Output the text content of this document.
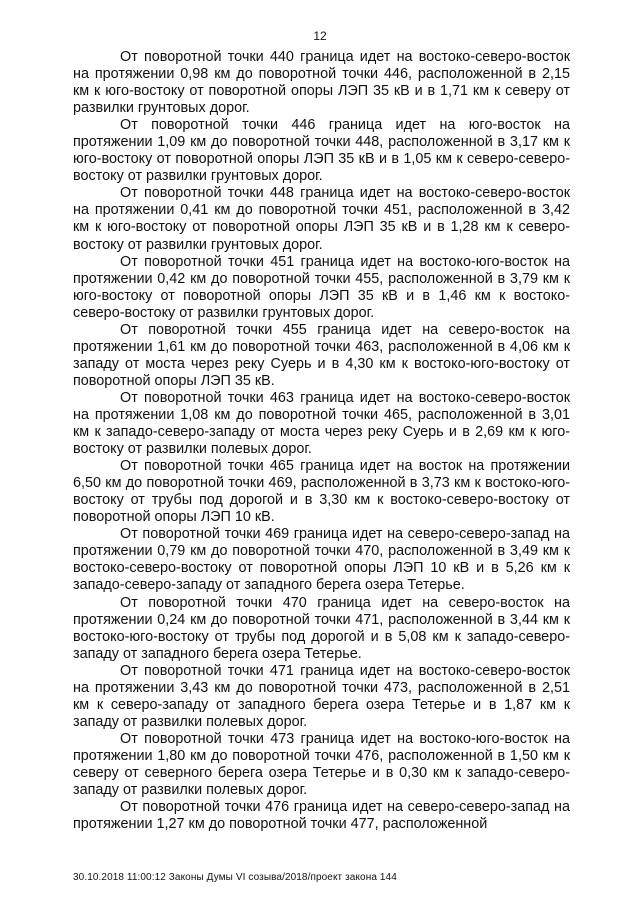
12

От поворотной точки 440 граница идет на востоко-северо-восток на протяжении 0,98 км до поворотной точки 446, расположенной в 2,15 км к юго-востоку от поворотной опоры ЛЭП 35 кВ и в 1,71 км к северу от развилки грунтовых дорог.

От поворотной точки 446 граница идет на юго-восток на протяжении 1,09 км до поворотной точки 448, расположенной в 3,17 км к юго-востоку от поворотной опоры ЛЭП 35 кВ и в 1,05 км к северо-северо-востоку от развилки грунтовых дорог.

От поворотной точки 448 граница идет на востоко-северо-восток на протяжении 0,41 км до поворотной точки 451, расположенной в 3,42 км к юго-востоку от поворотной опоры ЛЭП 35 кВ и в 1,28 км к северо-востоку от развилки грунтовых дорог.

От поворотной точки 451 граница идет на востоко-юго-восток на протяжении 0,42 км до поворотной точки 455, расположенной в 3,79 км к юго-востоку от поворотной опоры ЛЭП 35 кВ и в 1,46 км к востоко-северо-востоку от развилки грунтовых дорог.

От поворотной точки 455 граница идет на северо-восток на протяжении 1,61 км до поворотной точки 463, расположенной в 4,06 км к западу от моста через реку Суерь и в 4,30 км к востоко-юго-востоку от поворотной опоры ЛЭП 35 кВ.

От поворотной точки 463 граница идет на востоко-северо-восток на протяжении 1,08 км до поворотной точки 465, расположенной в 3,01 км к западо-северо-западу от моста через реку Суерь и в 2,69 км к юго-востоку от развилки полевых дорог.

От поворотной точки 465 граница идет на восток на протяжении 6,50 км до поворотной точки 469, расположенной в 3,73 км к востоко-юго-востоку от трубы под дорогой и в 3,30 км к востоко-северо-востоку от поворотной опоры ЛЭП 10 кВ.

От поворотной точки 469 граница идет на северо-северо-запад на протяжении 0,79 км до поворотной точки 470, расположенной в 3,49 км к востоко-северо-востоку от поворотной опоры ЛЭП 10 кВ и в 5,26 км к западо-северо-западу от западного берега озера Тетерье.

От поворотной точки 470 граница идет на северо-восток на протяжении 0,24 км до поворотной точки 471, расположенной в 3,44 км к востоко-юго-востоку от трубы под дорогой и в 5,08 км к западо-северо-западу от западного берега озера Тетерье.

От поворотной точки 471 граница идет на востоко-северо-восток на протяжении 3,43 км до поворотной точки 473, расположенной в 2,51 км к северо-западу от западного берега озера Тетерье и в 1,87 км к западу от развилки полевых дорог.

От поворотной точки 473 граница идет на востоко-юго-восток на протяжении 1,80 км до поворотной точки 476, расположенной в 1,50 км к северу от северного берега озера Тетерье и в 0,30 км к западо-северо-западу от развилки полевых дорог.

От поворотной точки 476 граница идет на северо-северо-запад на протяжении 1,27 км до поворотной точки 477, расположенной

30.10.2018 11:00:12 Законы Думы VI созыва/2018/проект закона 144
